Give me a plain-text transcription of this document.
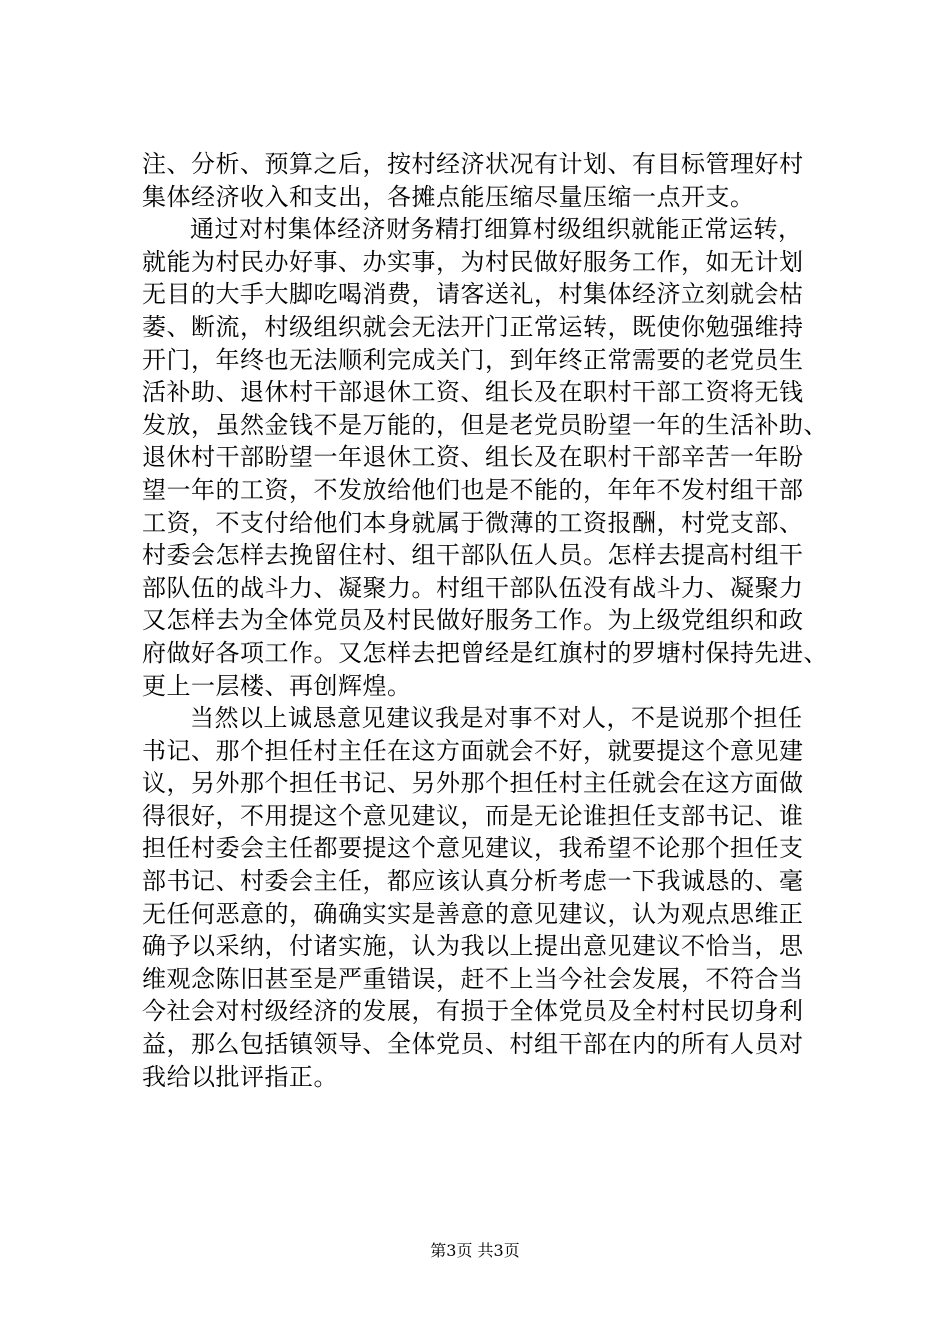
注、分析、预算之后，按村经济状况有计划、有目标管理好村
集体经济收入和支出，各摊点能压缩尽量压缩一点开支。
通过对村集体经济财务精打细算村级组织就能正常运转，
就能为村民办好事、办实事，为村民做好服务工作，如无计划
无目的大手大脚吃喝消费，请客送礼，村集体经济立刻就会枯
萎、断流，村级组织就会无法开门正常运转，既使你勉强维持
开门，年终也无法顺利完成关门，到年终正常需要的老党员生
活补助、退休村干部退休工资、组长及在职村干部工资将无钱
发放，虽然金钱不是万能的，但是老党员盼望一年的生活补助、
退休村干部盼望一年退休工资、组长及在职村干部辛苦一年盼
望一年的工资，不发放给他们也是不能的，年年不发村组干部
工资，不支付给他们本身就属于微薄的工资报酬，村党支部、
村委会怎样去挽留住村、组干部队伍人员。怎样去提高村组干
部队伍的战斗力、凝聚力。村组干部队伍没有战斗力、凝聚力
又怎样去为全体党员及村民做好服务工作。为上级党组织和政
府做好各项工作。又怎样去把曾经是红旗村的罗塘村保持先进、
更上一层楼、再创辉煌。
当然以上诚恳意见建议我是对事不对人，不是说那个担任
书记、那个担任村主任在这方面就会不好，就要提这个意见建
议，另外那个担任书记、另外那个担任村主任就会在这方面做
得很好，不用提这个意见建议，而是无论谁担任支部书记、谁
担任村委会主任都要提这个意见建议，我希望不论那个担任支
部书记、村委会主任，都应该认真分析考虑一下我诚恳的、毫
无任何恶意的，确确实实是善意的意见建议，认为观点思维正
确予以采纳，付诸实施，认为我以上提出意见建议不恰当，思
维观念陈旧甚至是严重错误，赶不上当今社会发展，不符合当
今社会对村级经济的发展，有损于全体党员及全村村民切身利
益，那么包括镇领导、全体党员、村组干部在内的所有人员对
我给以批评指正。
第3页 共3页
